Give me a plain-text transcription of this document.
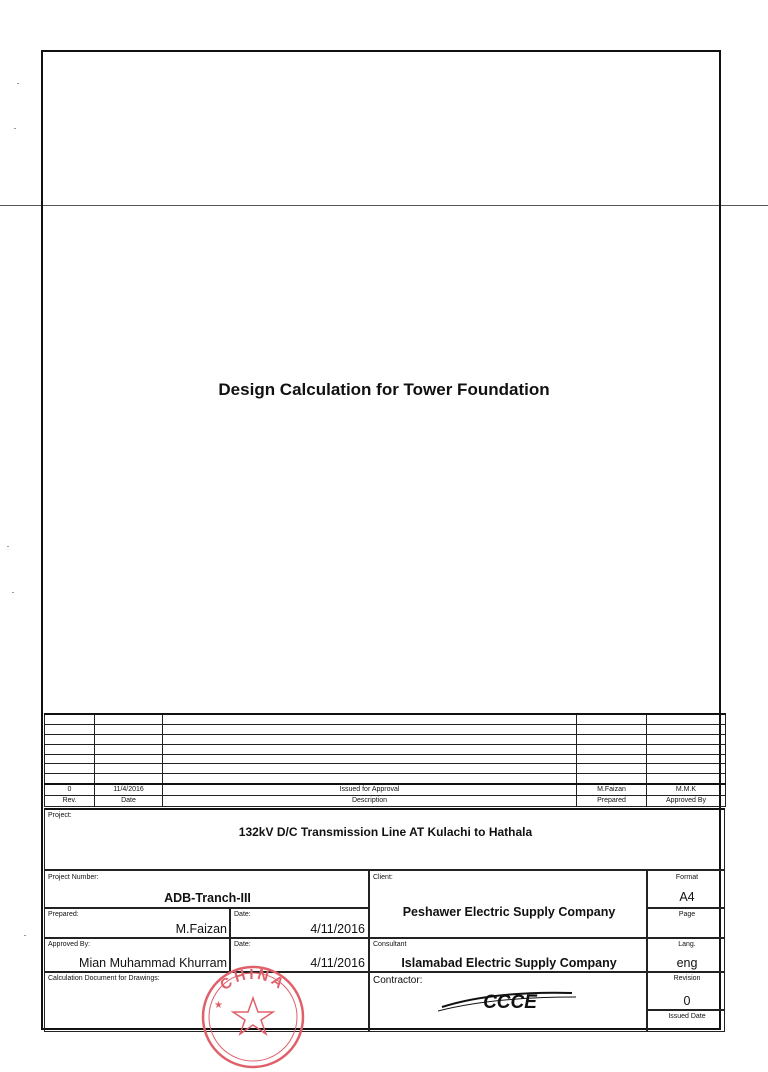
Design Calculation for Tower Foundation

0	11/4/2016	Issued for Approval	M.Faizan	M.M.K
Rev.	Date	Description	Prepared	Approved By
Project:
132kV D/C Transmission Line AT Kulachi to Hathala
Project Number:
ADB-Tranch-III
Prepared:
M.Faizan
Date:
4/11/2016
Approved By:
Mian Muhammad Khurram
Date:
4/11/2016
Calculation Document for Drawings:
Client:
Peshawer Electric Supply Company
Consultant
Islamabad Electric Supply Company
Contractor:
CCCE
Format
A4
Page
Lang.
eng
Revision
0
Issued Date
CHINA
★
